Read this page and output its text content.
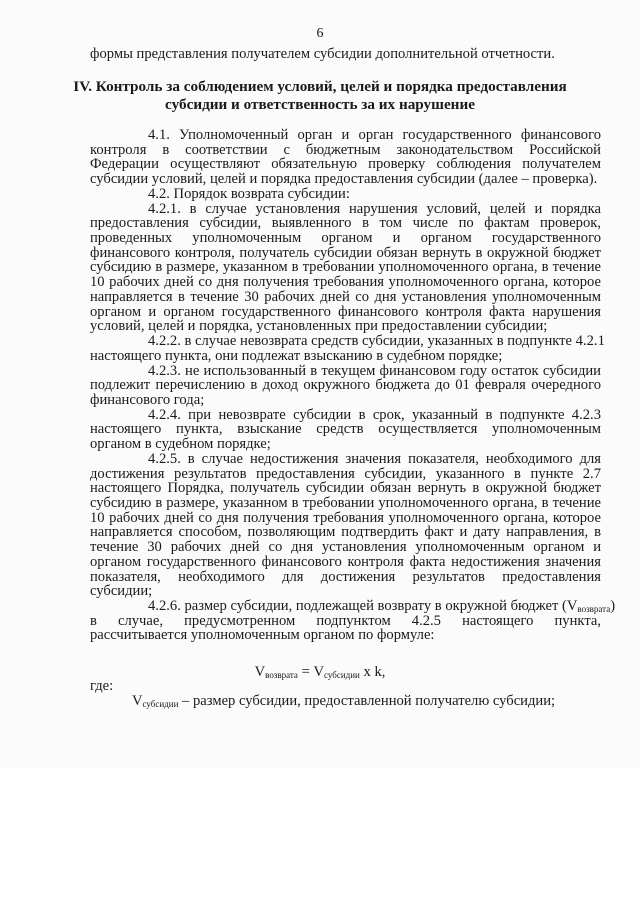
6
формы представления получателем субсидии дополнительной отчетности.
IV. Контроль за соблюдением условий, целей и порядка предоставления
субсидии и ответственность за их нарушение
4.1. Уполномоченный орган и орган государственного финансового
контроля в соответствии с бюджетным законодательством Российской
Федерации осуществляют обязательную проверку соблюдения получателем
субсидии условий, целей и порядка предоставления субсидии (далее – проверка).
4.2. Порядок возврата субсидии:
4.2.1. в случае установления нарушения условий, целей и порядка
предоставления субсидии, выявленного в том числе по фактам проверок,
проведенных уполномоченным органом и органом государственного
финансового контроля, получатель субсидии обязан вернуть в окружной бюджет
субсидию в размере, указанном в требовании уполномоченного органа, в течение
10 рабочих дней со дня получения требования уполномоченного органа, которое
направляется в течение 30 рабочих дней со дня установления уполномоченным
органом и органом государственного финансового контроля факта нарушения
условий, целей и порядка, установленных при предоставлении субсидии;
4.2.2. в случае невозврата средств субсидии, указанных в подпункте 4.2.1
настоящего пункта, они подлежат взысканию в судебном порядке;
4.2.3. не использованный в текущем финансовом году остаток субсидии
подлежит перечислению в доход окружного бюджета до 01 февраля очередного
финансового года;
4.2.4. при невозврате субсидии в срок, указанный в подпункте 4.2.3
настоящего пункта, взыскание средств осуществляется уполномоченным
органом в судебном порядке;
4.2.5. в случае недостижения значения показателя, необходимого для
достижения результатов предоставления субсидии, указанного в пункте 2.7
настоящего Порядка, получатель субсидии обязан вернуть в окружной бюджет
субсидию в размере, указанном в требовании уполномоченного органа, в течение
10 рабочих дней со дня получения требования уполномоченного органа, которое
направляется способом, позволяющим подтвердить факт и дату направления, в
течение 30 рабочих дней со дня установления уполномоченным органом и
органом государственного финансового контроля факта недостижения значения
показателя, необходимого для достижения результатов предоставления
субсидии;
в случае, предусмотренном подпунктом 4.2.5 настоящего пункта,
рассчитывается уполномоченным органом по формуле:
4.2.6. размер субсидии, подлежащей возврату в окружной бюджет $(V_{возврата})$
$V_{возврата} = V_{субсидии}$ x k,
где:
$V_{субсидии}$ – размер субсидии, предоставленной получателю субсидии;
